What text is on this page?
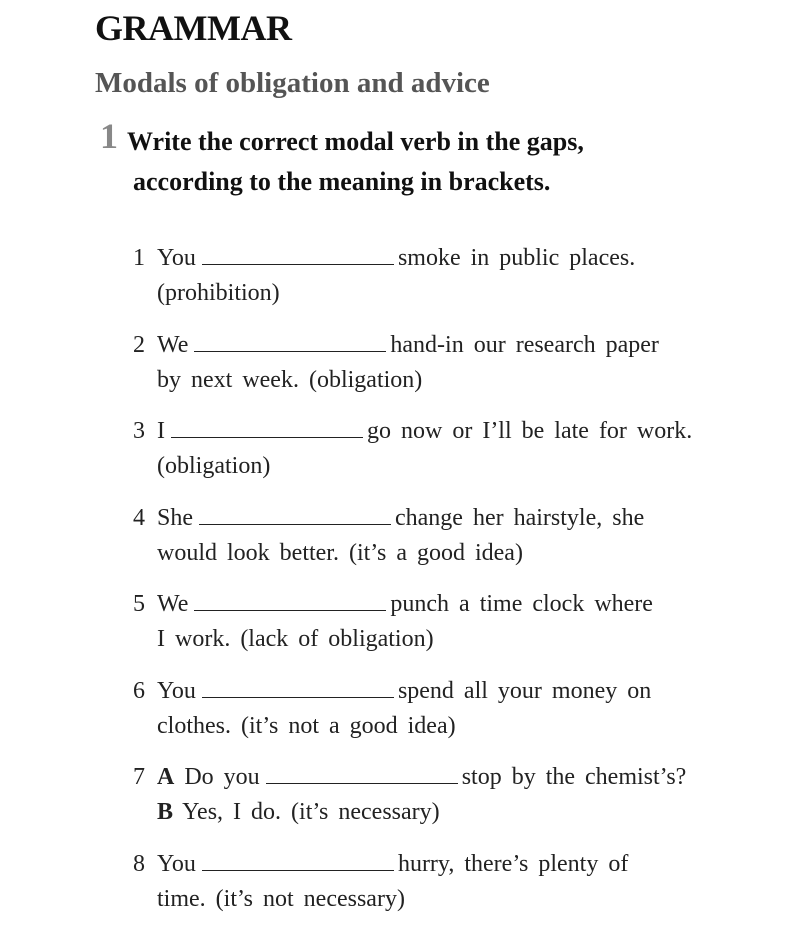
GRAMMAR
Modals of obligation and advice
1 Write the correct modal verb in the gaps,
according to the meaning in brackets.
1 You	smoke in public places.
(prohibition)
2 We	hand-in our research paper
by next week. (obligation)
3 I	go now or I’ll be late for work.
(obligation)
4 She	change her hairstyle, she
would look better. (it’s a good idea)
5 We	punch a time clock where
I work. (lack of obligation)
6 You	spend all your money on
clothes. (it’s not a good idea)
7 A Do you	stop by the chemist’s?
B Yes, I do. (it’s necessary)
8 You	hurry, there’s plenty of
time. (it’s not necessary)
